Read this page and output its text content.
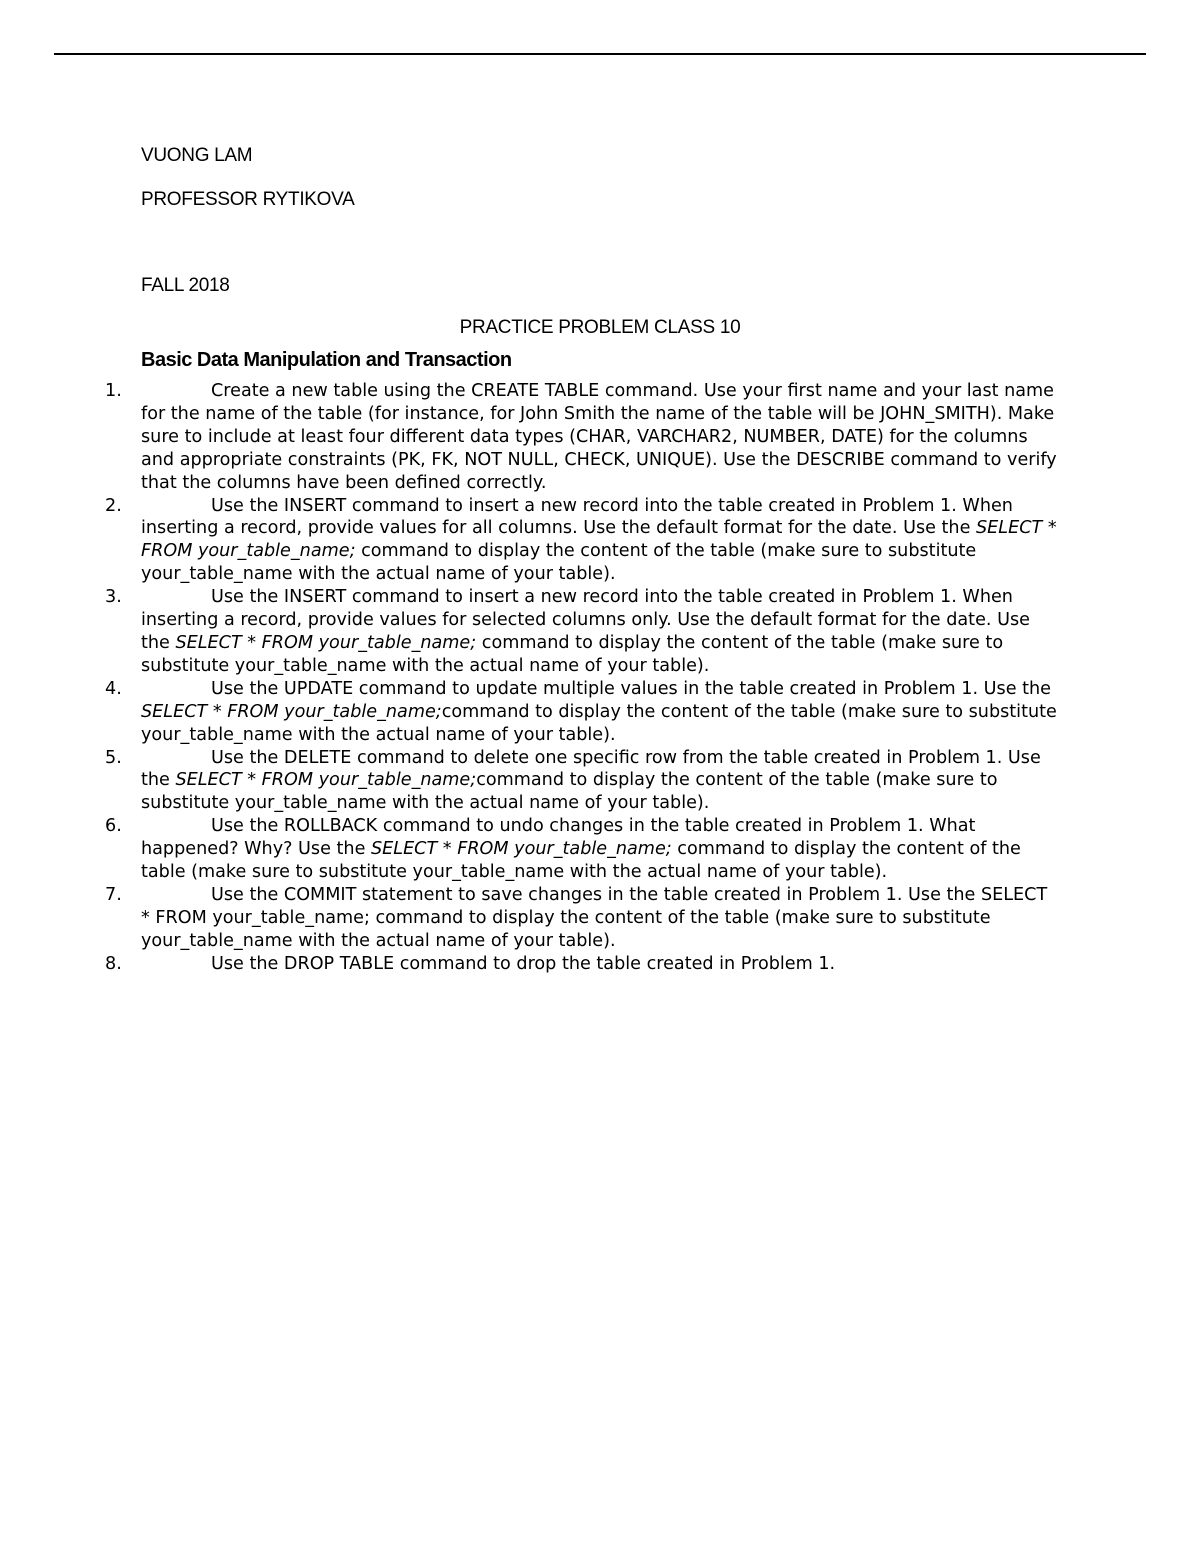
VUONG LAM
PROFESSOR RYTIKOVA
FALL 2018
PRACTICE PROBLEM CLASS 10
Basic Data Manipulation and Transaction
1.	Create a new table using the CREATE TABLE command. Use your first name and your last name for the name of the table (for instance, for John Smith the name of the table will be JOHN_SMITH). Make sure to include at least four different data types (CHAR, VARCHAR2, NUMBER, DATE) for the columns and appropriate constraints (PK, FK, NOT NULL, CHECK, UNIQUE). Use the DESCRIBE command to verify that the columns have been defined correctly.
2.	Use the INSERT command to insert a new record into the table created in Problem 1. When inserting a record, provide values for all columns. Use the default format for the date. Use the SELECT * FROM your_table_name; command to display the content of the table (make sure to substitute your_table_name with the actual name of your table).
3.	Use the INSERT command to insert a new record into the table created in Problem 1. When inserting a record, provide values for selected columns only. Use the default format for the date. Use the SELECT * FROM your_table_name; command to display the content of the table (make sure to substitute your_table_name with the actual name of your table).
4.	Use the UPDATE command to update multiple values in the table created in Problem 1. Use the SELECT * FROM your_table_name;command to display the content of the table (make sure to substitute your_table_name with the actual name of your table).
5.	Use the DELETE command to delete one specific row from the table created in Problem 1. Use the SELECT * FROM your_table_name;command to display the content of the table (make sure to substitute your_table_name with the actual name of your table).
6.	Use the ROLLBACK command to undo changes in the table created in Problem 1. What happened? Why? Use the SELECT * FROM your_table_name; command to display the content of the table (make sure to substitute your_table_name with the actual name of your table).
7.	Use the COMMIT statement to save changes in the table created in Problem 1. Use the SELECT * FROM your_table_name; command to display the content of the table (make sure to substitute your_table_name with the actual name of your table).
8.	Use the DROP TABLE command to drop the table created in Problem 1.
